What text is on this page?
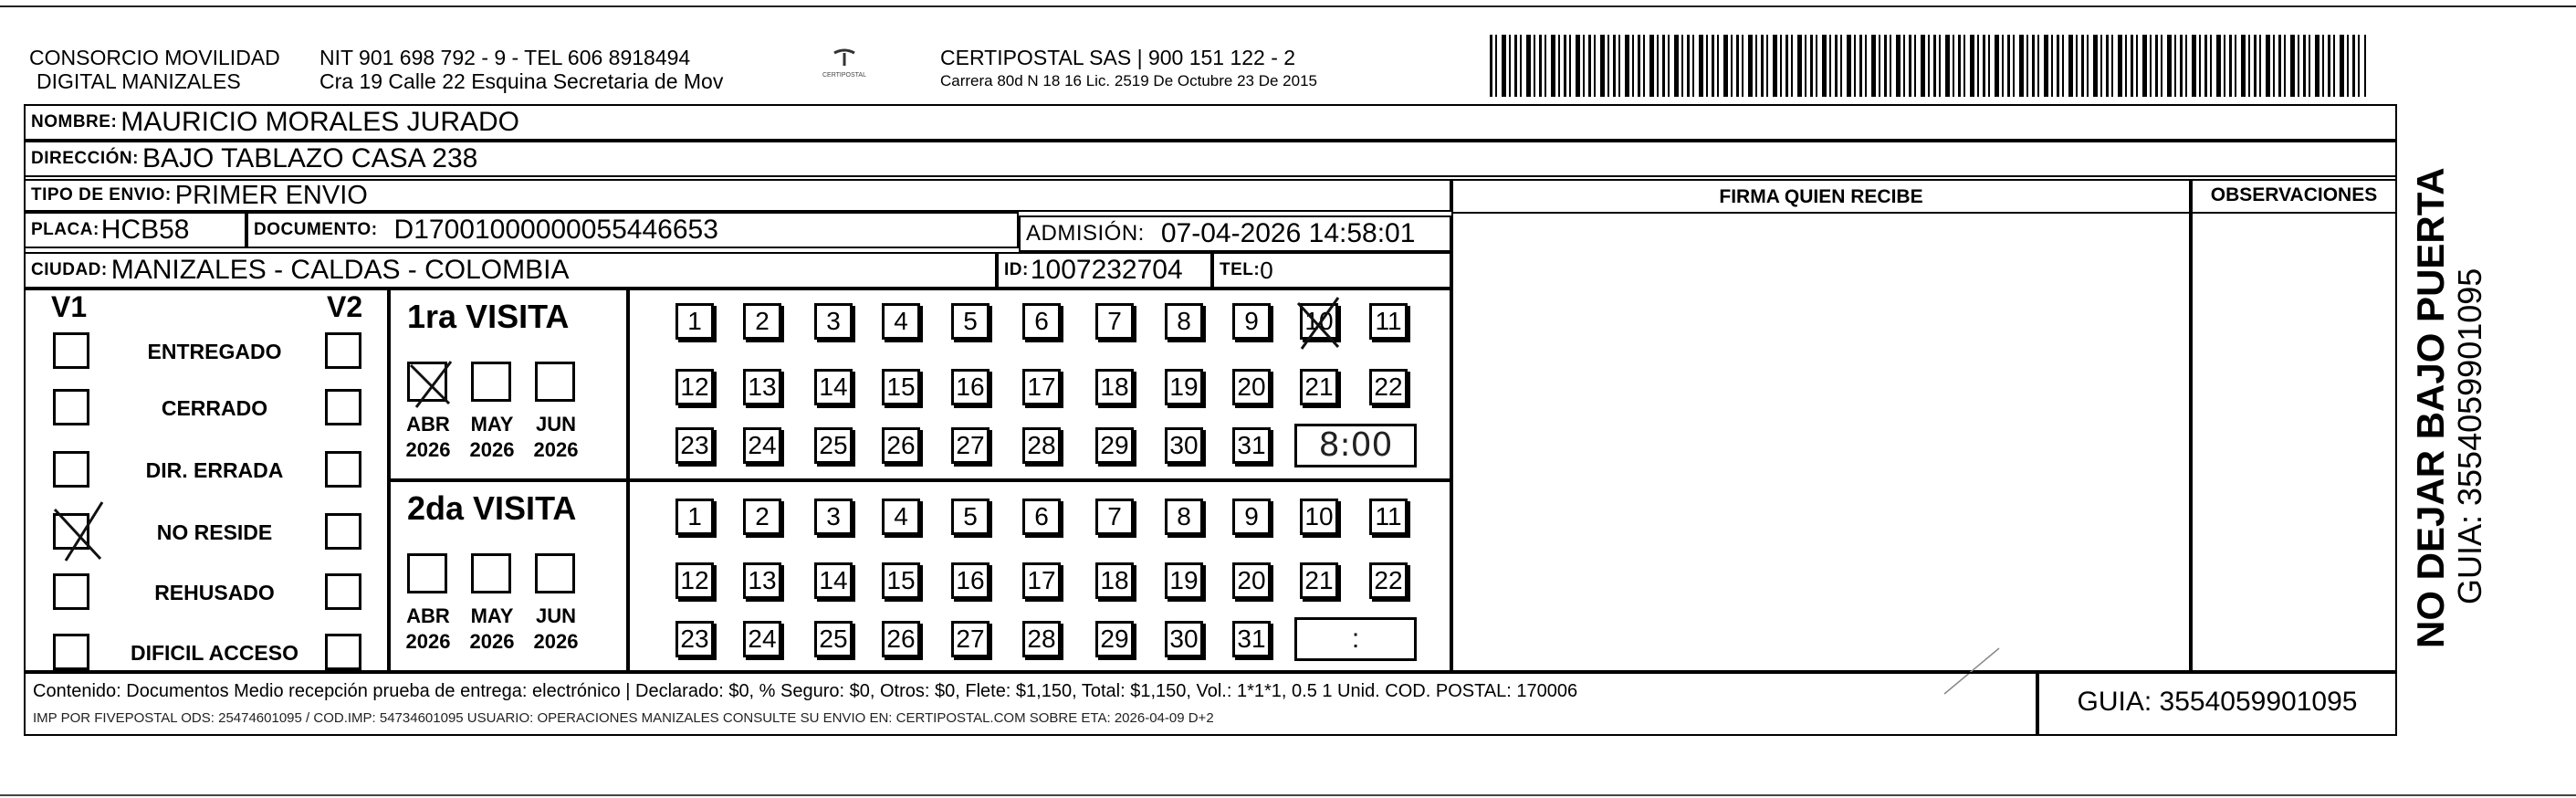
CONSORCIO MOVILIDAD
DIGITAL MANIZALES
NIT 901 698 792 - 9 - TEL 606 8918494
Cra 19 Calle 22 Esquina Secretaria de Mov	CERTIPOSTAL
CERTIPOSTAL SAS | 900 151 122 - 2
Carrera 80d N 18 16 Lic. 2519 De Octubre 23 De 2015
NOMBRE: MAURICIO MORALES JURADO
DIRECCIÓN: BAJO TABLAZO CASA 238
TIPO DE ENVIO: PRIMER ENVIO
PLACA: HCB58	DOCUMENTO: D17001000000055446653	ADMISIÓN: 07-04-2026 14:58:01
CIUDAD: MANIZALES - CALDAS - COLOMBIA	ID: 1007232704 TEL: 0
FIRMA QUIEN RECIBE	OBSERVACIONES
V1	V2
ENTREGADO
CERRADO
DIR. ERRADA
NO RESIDE
REHUSADO
DIFICIL ACCESO
1ra VISITA
2da VISITA
ABR
2026
MAY
2026
JUN
2026
ABR
2026
MAY
2026
JUN
2026
1	2	3	4	5	6	7	8	9	10 11
12 13 14 15 16 17 18 19 20 21 22
23 24 25 26 27 28 29 30 31
1	2	3	4	5	6	7	8	9	10 11
12 13 14 15 16 17 18 19 20 21 22
23 24 25 26 27 28 29 30 31
8:00
:
Contenido: Documentos Medio recepción prueba de entrega: electrónico | Declarado: $0, % Seguro: $0, Otros: $0, Flete: $1,150, Total: $1,150, Vol.: 1*1*1, 0.5 1 Unid. COD. POSTAL: 170006
IMP POR FIVEPOSTAL ODS: 25474601095 / COD.IMP: 54734601095 USUARIO: OPERACIONES MANIZALES CONSULTE SU ENVIO EN: CERTIPOSTAL.COM SOBRE ETA: 2026-04-09 D+2
GUIA: 3554059901095
NO DEJAR BAJO PUERTA GUIA: 3554059901095
